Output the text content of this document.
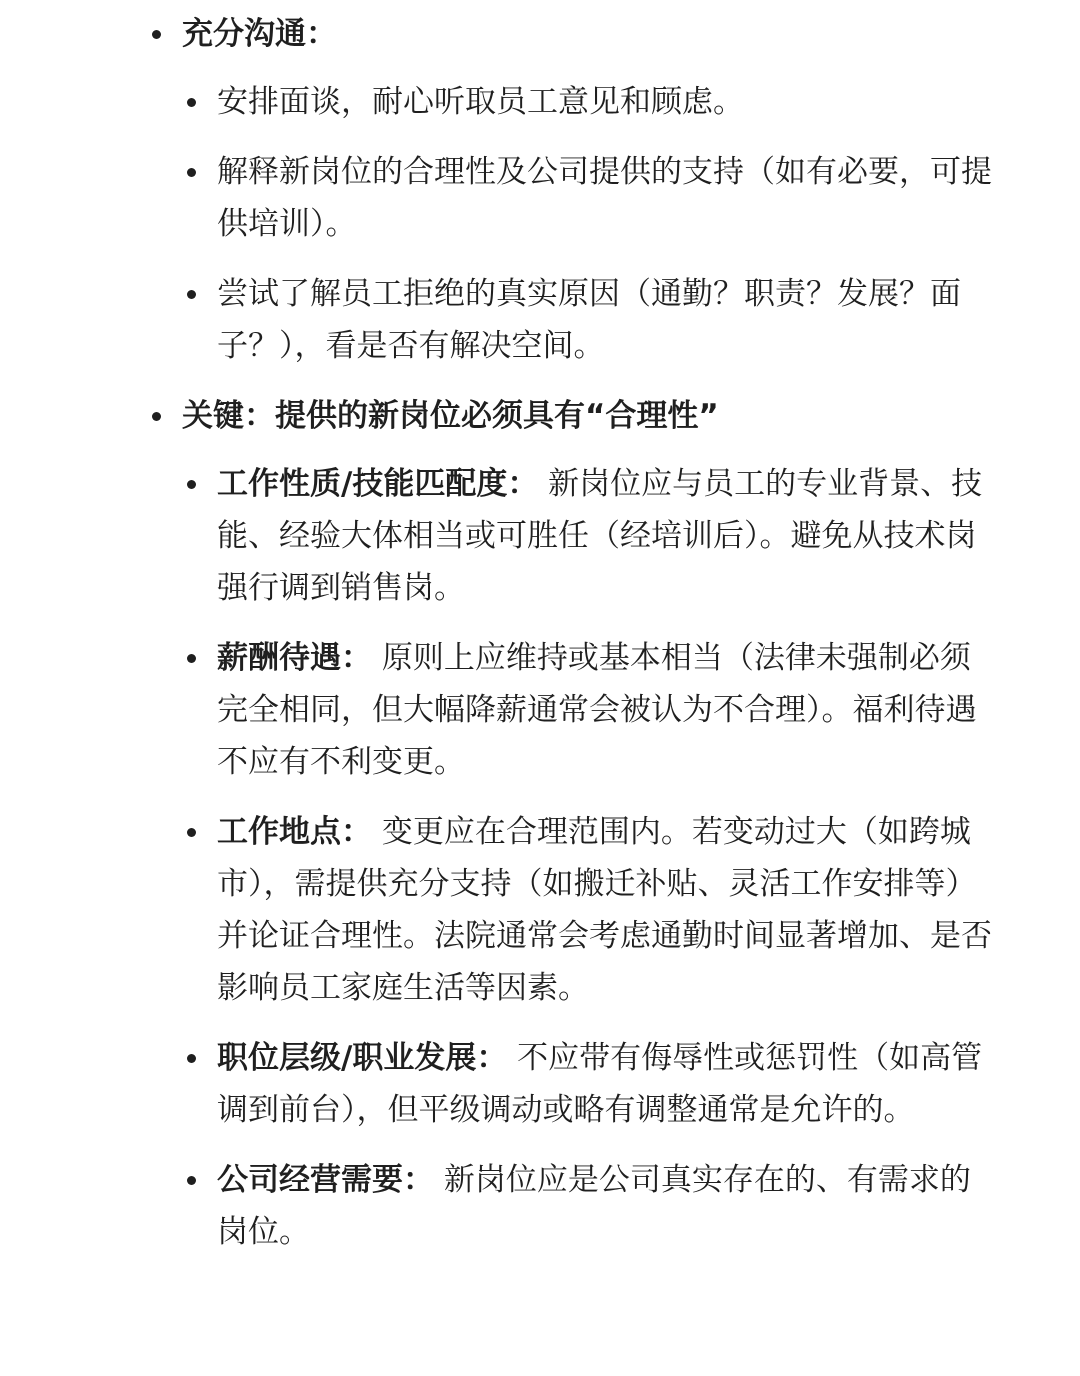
充分沟通：
安排面谈，耐心听取员工意见和顾虑。
解释新岗位的合理性及公司提供的支持（如有必要，可提供培训）。
尝试了解员工拒绝的真实原因（通勤？职责？发展？面子？），看是否有解决空间。
关键：提供的新岗位必须具有“合理性”
工作性质/技能匹配度： 新岗位应与员工的专业背景、技能、经验大体相当或可胜任（经培训后）。避免从技术岗强行调到销售岗。
薪酬待遇： 原则上应维持或基本相当（法律未强制必须完全相同，但大幅降薪通常会被认为不合理）。福利待遇不应有不利变更。
工作地点： 变更应在合理范围内。若变动过大（如跨城市），需提供充分支持（如搬迁补贴、灵活工作安排等）并论证合理性。法院通常会考虑通勤时间显著增加、是否影响员工家庭生活等因素。
职位层级/职业发展： 不应带有侮辱性或惩罚性（如高管调到前台），但平级调动或略有调整通常是允许的。
公司经营需要： 新岗位应是公司真实存在的、有需求的岗位。
